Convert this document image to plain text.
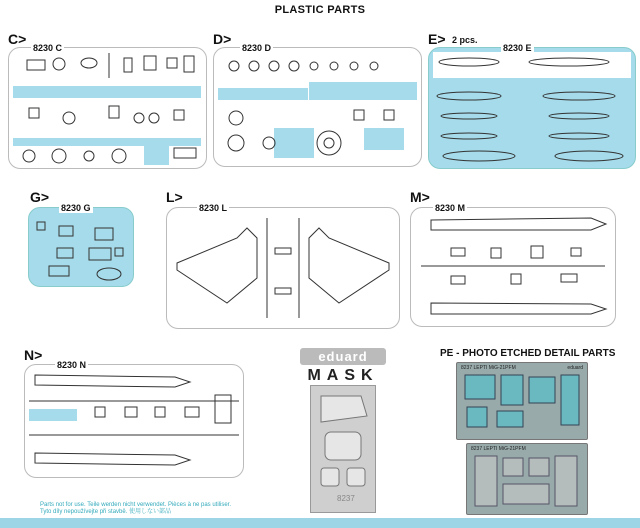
PLASTIC PARTS
C>
8230 C
D>
8230 D
E> 2 pcs.
8230 E
G>
8230 G
L>
8230 L
M>
8230 M
N>
8230 N
eduard
MASK
8237
PE - PHOTO ETCHED DETAIL PARTS
8237 LEPTI MiG-21PFM	eduard
8237 LEPTI MiG-21PFM
Parts not for use. Teile werden nicht verwendet. Pièces à ne pas utiliser.
Tyto díly nepoužívejte při stavbě. 使用しない部品
